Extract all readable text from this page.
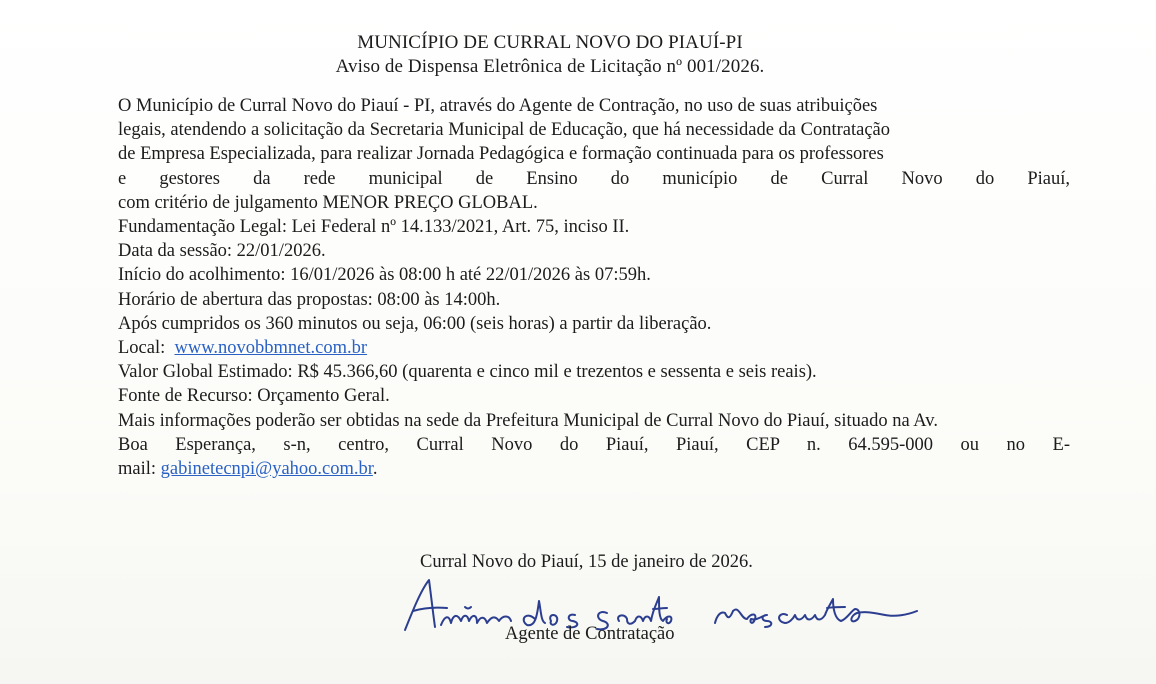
MUNICÍPIO DE CURRAL NOVO DO PIAUÍ-PI
Aviso de Dispensa Eletrônica de Licitação nº 001/2026.

O Município de Curral Novo do Piauí - PI, através do Agente de Contração, no uso de suas atribuições

legais, atendendo a solicitação da Secretaria Municipal de Educação, que há necessidade da Contratação

de Empresa Especializada, para realizar Jornada Pedagógica e formação continuada para os professores

e gestores da rede municipal de Ensino do município de Curral Novo do Piauí,

com critério de julgamento MENOR PREÇO GLOBAL.

Fundamentação Legal: Lei Federal nº 14.133/2021, Art. 75, inciso II.

Data da sessão: 22/01/2026.

Início do acolhimento: 16/01/2026 às 08:00 h até 22/01/2026 às 07:59h.

Horário de abertura das propostas: 08:00 às 14:00h.

Após cumpridos os 360 minutos ou seja, 06:00 (seis horas) a partir da liberação.

Local: www.novobbmnet.com.br

Valor Global Estimado: R$ 45.366,60 (quarenta e cinco mil e trezentos e sessenta e seis reais).

Fonte de Recurso: Orçamento Geral.

Mais informações poderão ser obtidas na sede da Prefeitura Municipal de Curral Novo do Piauí, situado na Av.

Boa Esperança, s-n, centro, Curral Novo do Piauí, Piauí, CEP n. 64.595-000 ou no E-

mail: gabinetecnpi@yahoo.com.br.

Curral Novo do Piauí, 15 de janeiro de 2026.
Agente de Contratação
